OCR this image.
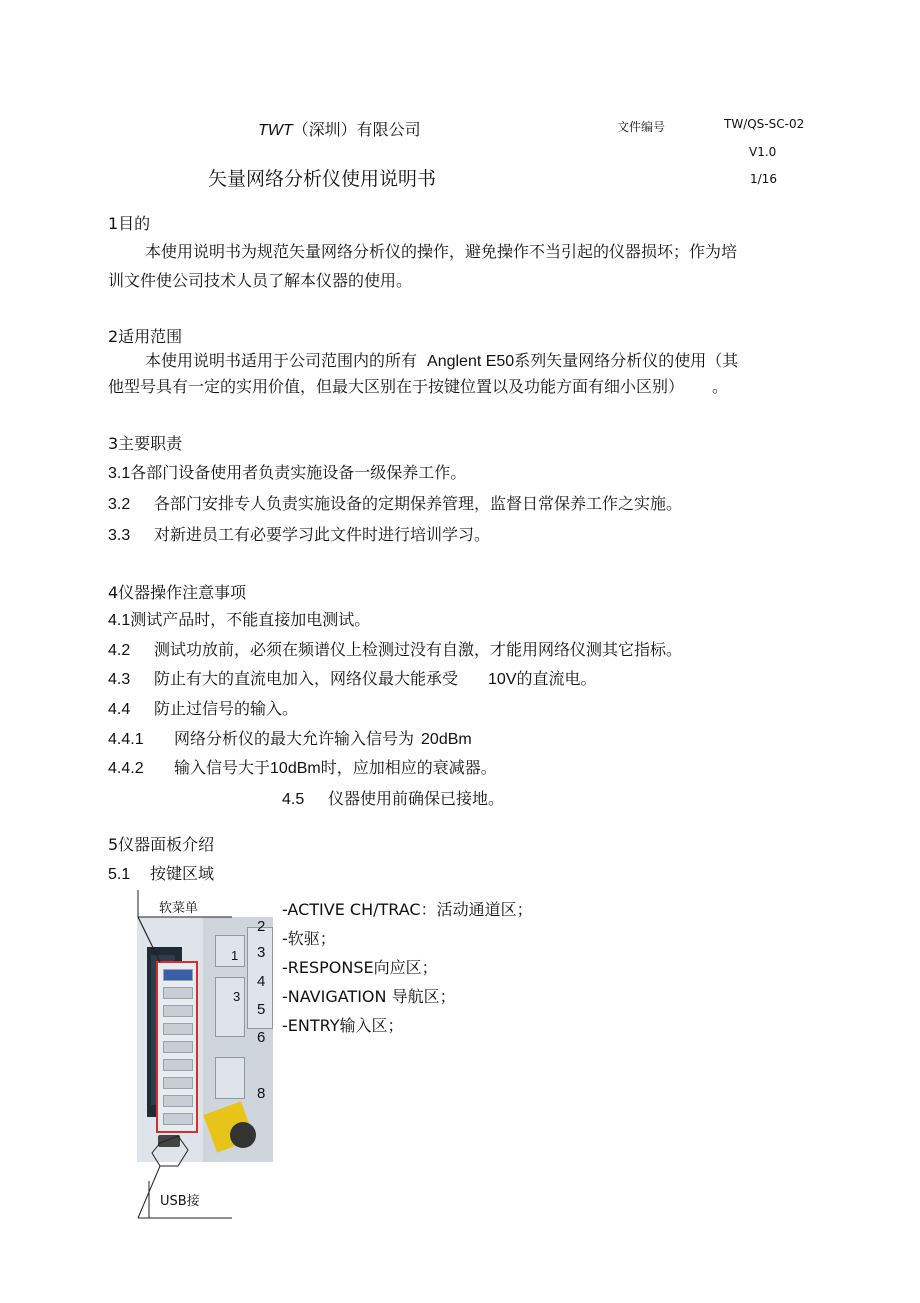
TWT（深圳）有限公司	文件编号	TW/QS-SC-02
V1.0
1/16
矢量网络分析仪使用说明书
1目的
本使用说明书为规范矢量网络分析仪的操作，避免操作不当引起的仪器损坏；作为培
训文件使公司技术人员了解本仪器的使用。
2适用范围
本使用说明书适用于公司范围内的所有 Anglent E50系列矢量网络分析仪的使用（其
他型号具有一定的实用价值，但最大区别在于按键位置以及功能方面有细小区别） 。
3主要职责
3.1各部门设备使用者负责实施设备一级保养工作。
3.2 各部门安排专人负责实施设备的定期保养管理，监督日常保养工作之实施。
3.3 对新进员工有必要学习此文件时进行培训学习。
4仪器操作注意事项
4.1测试产品时，不能直接加电测试。
4.2 测试功放前，必须在频谱仪上检测过没有自激，才能用网络仪测其它指标。
4.3 防止有大的直流电加入，网络仪最大能承受 10V的直流电。
4.4 防止过信号的输入。
4.4.1 网络分析仪的最大允许输入信号为 20dBm
4.4.2 输入信号大于10dBm时，应加相应的衰减器。
4.5 仪器使用前确保已接地。
5仪器面板介绍
5.1 按键区域
2
1 3
3
4
5
6
8
软菜单
USB接
-ACTIVE CH/TRAC：活动通道区；
-软驱；
-RESPONSE向应区；
-NAVIGATION 导航区；
-ENTRY输入区；
